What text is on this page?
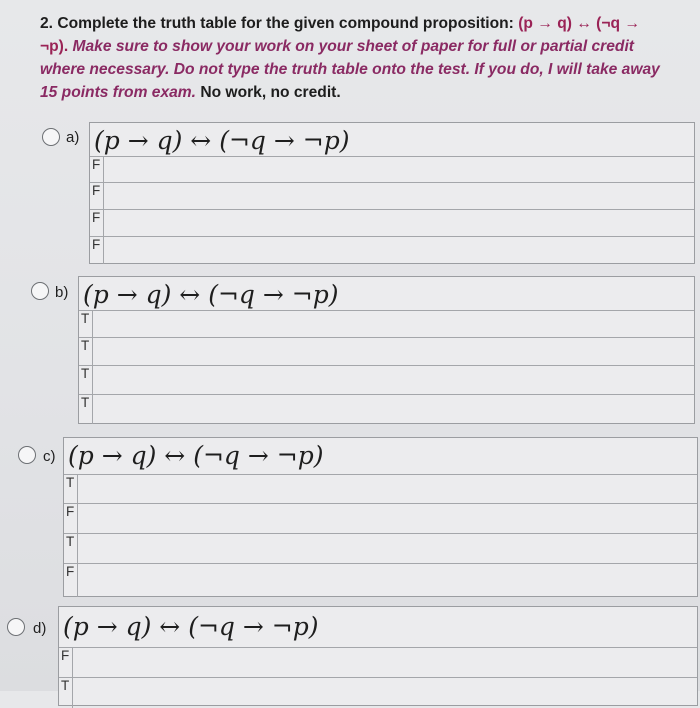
2. Complete the truth table for the given compound proposition: (p → q) ↔ (¬q → ¬p). Make sure to show your work on your sheet of paper for full or partial credit where necessary. Do not type the truth table onto the test. If you do, I will take away 15 points from exam. No work, no credit.
a) (p → q) ↔ (¬q → ¬p)
F
F
F
F
b) (p → q) ↔ (¬q → ¬p)
T
T
T
T
c) (p → q) ↔ (¬q → ¬p)
T
F
T
F
d) (p → q) ↔ (¬q → ¬p)
F
T
